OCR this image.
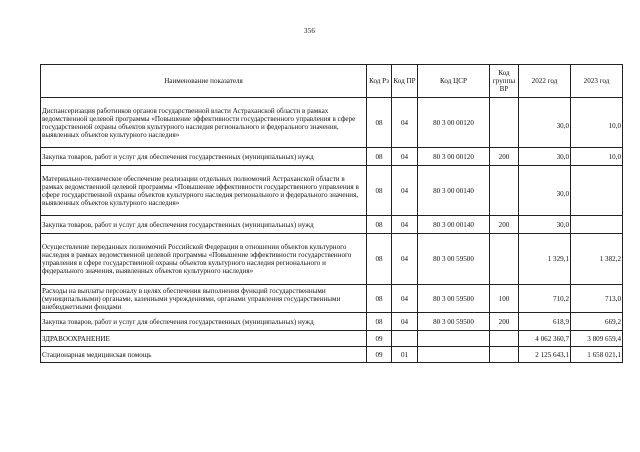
356
Наименование показателя	Код Рз	Код ПР	Код ЦСР	Код группы ВР	2022 год	2023 год
Диспансеризация работников органов государственной власти Астраханской области в рамках ведомственной целевой программы «Повышение эффективности государственного управления в сфере государственной охраны объектов культурного наследия регионального и федерального значения, выявленных объектов культурного наследия»	08	04	80 3 00 00120		30,0	10,0
Закупка товаров, работ и услуг для обеспечения государственных (муниципальных) нужд	08	04	80 3 00 00120	200	30,0	10,0
Материально-техническое обеспечение реализации отдельных полномочий Астраханской области в рамках ведомственной целевой программы «Повышение эффективности государственного управления в сфере государственной охраны объектов культурного наследия регионального и федерального значения, выявленных объектов культурного наследия»	08	04	80 3 00 00140		30,0	
Закупка товаров, работ и услуг для обеспечения государственных (муниципальных) нужд	08	04	80 3 00 00140	200	30,0	
Осуществление переданных полномочий Российской Федерации в отношении объектов культурного наследия в рамках ведомственной целевой программы «Повышение эффективности государственного управления в сфере государственной охраны объектов культурного наследия регионального и федерального значения, выявленных объектов культурного наследия»	08	04	80 3 00 59500		1 329,1	1 382,2
Расходы на выплаты персоналу в целях обеспечения выполнения функций государственными (муниципальными) органами, казенными учреждениями, органами управления государственными внебюджетными фондами	08	04	80 3 00 59500	100	710,2	713,0
Закупка товаров, работ и услуг для обеспечения государственных (муниципальных) нужд	08	04	80 3 00 59500	200	618,9	669,2
ЗДРАВООХРАНЕНИЕ	09				4 062 360,7	3 809 659,4
Стационарная медицинская помощь	09	01			2 125 643,1	1 658 021,1
